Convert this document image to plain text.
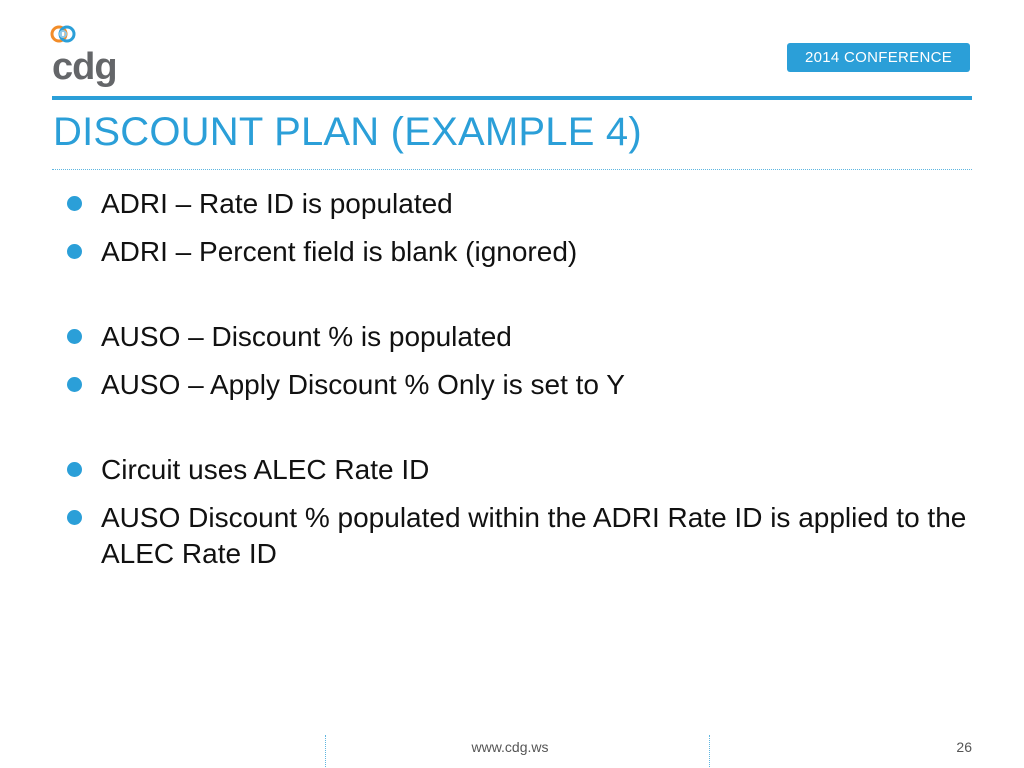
cdg	2014 CONFERENCE
DISCOUNT PLAN (EXAMPLE 4)
ADRI – Rate ID is populated
ADRI – Percent field is blank (ignored)
AUSO – Discount % is populated
AUSO – Apply Discount % Only is set to Y
Circuit uses ALEC Rate ID
AUSO Discount % populated within the ADRI Rate ID is applied to the ALEC Rate ID
www.cdg.ws	26
